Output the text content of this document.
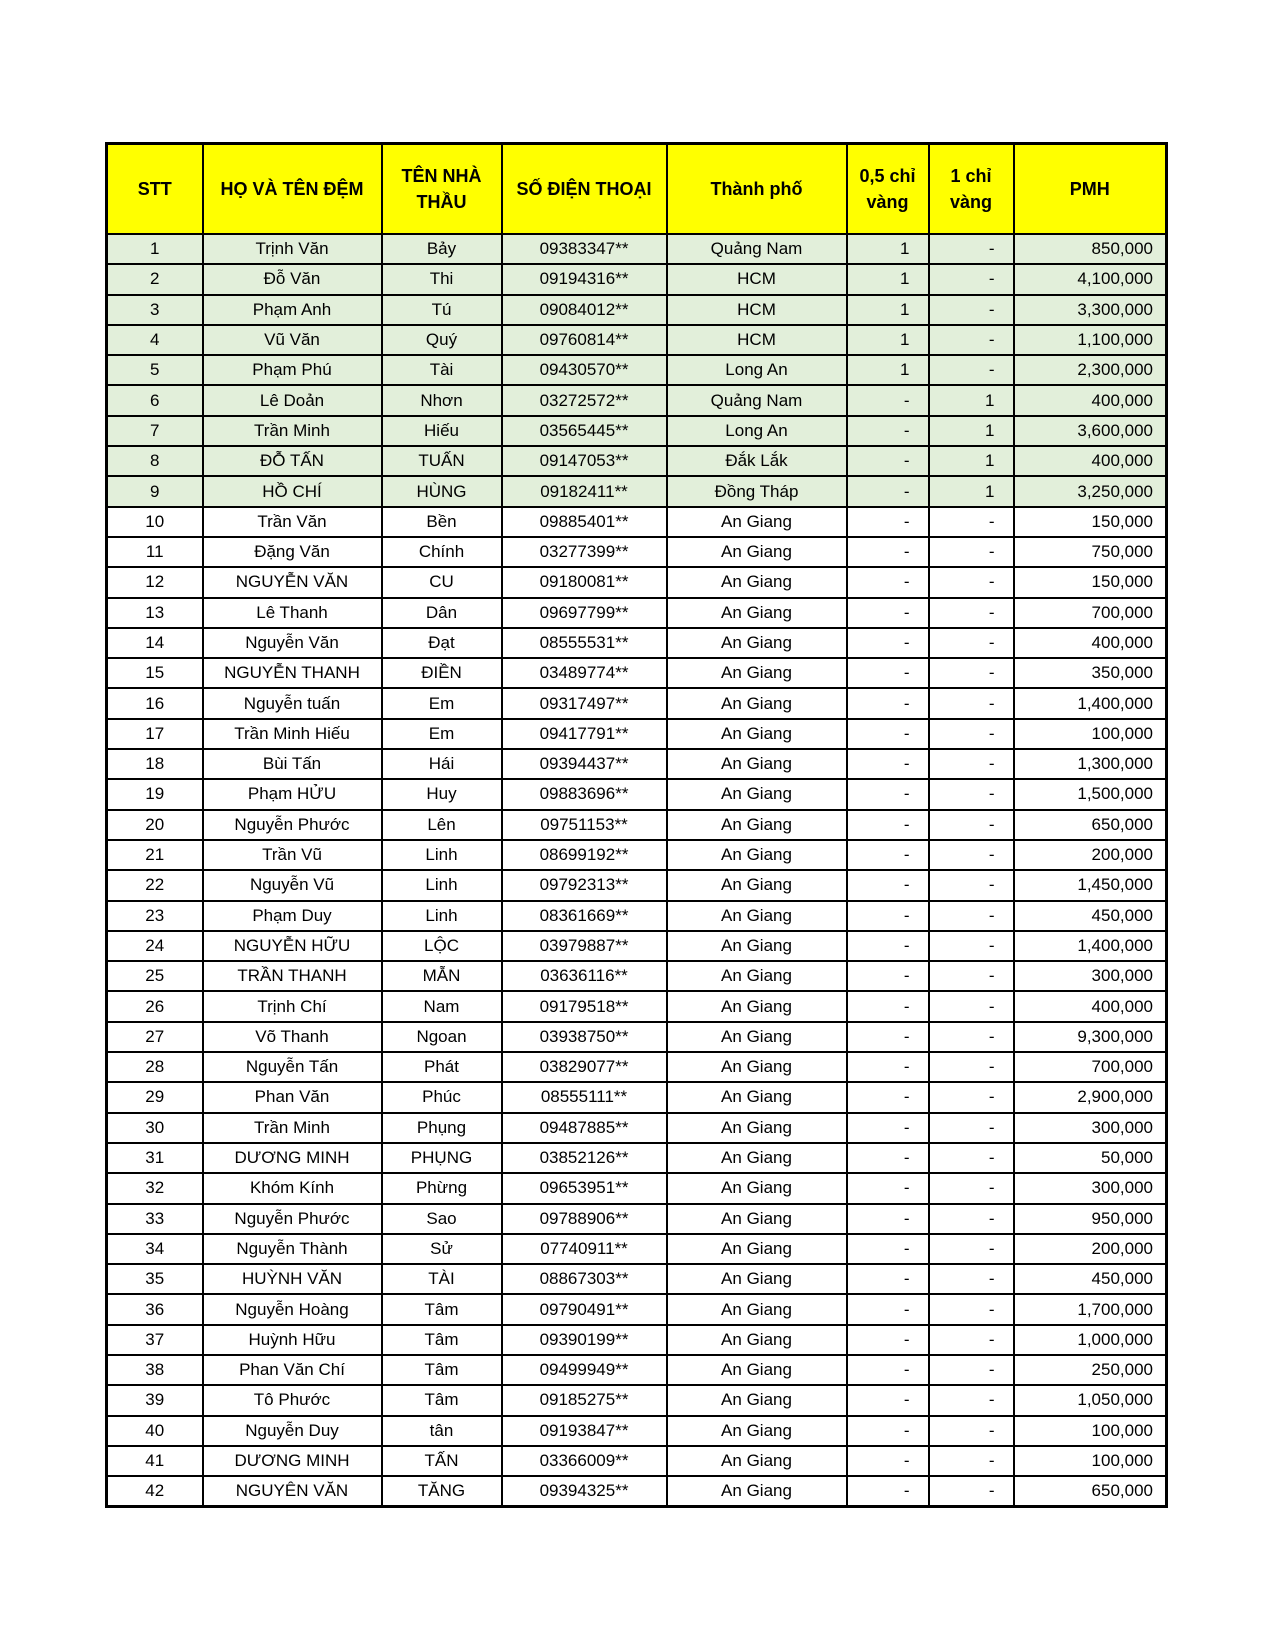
STT	HỌ VÀ TÊN ĐỆM	TÊN NHÀ THẦU	SỐ ĐIỆN THOẠI	Thành phố	0,5 chỉ vàng	1 chỉ vàng	PMH
1	Trịnh Văn	Bảy	09383347**	Quảng Nam	1	-	850,000
2	Đỗ Văn	Thi	09194316**	HCM	1	-	4,100,000
3	Phạm Anh	Tú	09084012**	HCM	1	-	3,300,000
4	Vũ Văn	Quý	09760814**	HCM	1	-	1,100,000
5	Phạm Phú	Tài	09430570**	Long An	1	-	2,300,000
6	Lê Doản	Nhơn	03272572**	Quảng Nam	-	1	400,000
7	Trần Minh	Hiếu	03565445**	Long An	-	1	3,600,000
8	ĐỖ TẤN	TUẤN	09147053**	Đắk Lắk	-	1	400,000
9	HỒ CHÍ	HÙNG	09182411**	Đồng Tháp	-	1	3,250,000
10	Trần Văn	Bền	09885401**	An Giang	-	-	150,000
11	Đặng Văn	Chính	03277399**	An Giang	-	-	750,000
12	NGUYỄN VĂN	CU	09180081**	An Giang	-	-	150,000
13	Lê Thanh	Dân	09697799**	An Giang	-	-	700,000
14	Nguyễn Văn	Đạt	08555531**	An Giang	-	-	400,000
15	NGUYỄN THANH	ĐIỀN	03489774**	An Giang	-	-	350,000
16	Nguyễn tuấn	Em	09317497**	An Giang	-	-	1,400,000
17	Trần Minh Hiếu	Em	09417791**	An Giang	-	-	100,000
18	Bùi Tấn	Hái	09394437**	An Giang	-	-	1,300,000
19	Phạm HỬU	Huy	09883696**	An Giang	-	-	1,500,000
20	Nguyễn Phước	Lên	09751153**	An Giang	-	-	650,000
21	Trần Vũ	Linh	08699192**	An Giang	-	-	200,000
22	Nguyễn Vũ	Linh	09792313**	An Giang	-	-	1,450,000
23	Phạm Duy	Linh	08361669**	An Giang	-	-	450,000
24	NGUYỄN HỮU	LỘC	03979887**	An Giang	-	-	1,400,000
25	TRẦN THANH	MẪN	03636116**	An Giang	-	-	300,000
26	Trịnh Chí	Nam	09179518**	An Giang	-	-	400,000
27	Võ Thanh	Ngoan	03938750**	An Giang	-	-	9,300,000
28	Nguyễn Tấn	Phát	03829077**	An Giang	-	-	700,000
29	Phan Văn	Phúc	08555111**	An Giang	-	-	2,900,000
30	Trần Minh	Phụng	09487885**	An Giang	-	-	300,000
31	DƯƠNG MINH	PHỤNG	03852126**	An Giang	-	-	50,000
32	Khóm Kính	Phừng	09653951**	An Giang	-	-	300,000
33	Nguyễn Phước	Sao	09788906**	An Giang	-	-	950,000
34	Nguyễn Thành	Sử	07740911**	An Giang	-	-	200,000
35	HUỲNH VĂN	TÀI	08867303**	An Giang	-	-	450,000
36	Nguyễn Hoàng	Tâm	09790491**	An Giang	-	-	1,700,000
37	Huỳnh Hữu	Tâm	09390199**	An Giang	-	-	1,000,000
38	Phan Văn Chí	Tâm	09499949**	An Giang	-	-	250,000
39	Tô Phước	Tâm	09185275**	An Giang	-	-	1,050,000
40	Nguyễn Duy	tân	09193847**	An Giang	-	-	100,000
41	DƯƠNG MINH	TẤN	03366009**	An Giang	-	-	100,000
42	NGUYÊN VĂN	TĂNG	09394325**	An Giang	-	-	650,000
